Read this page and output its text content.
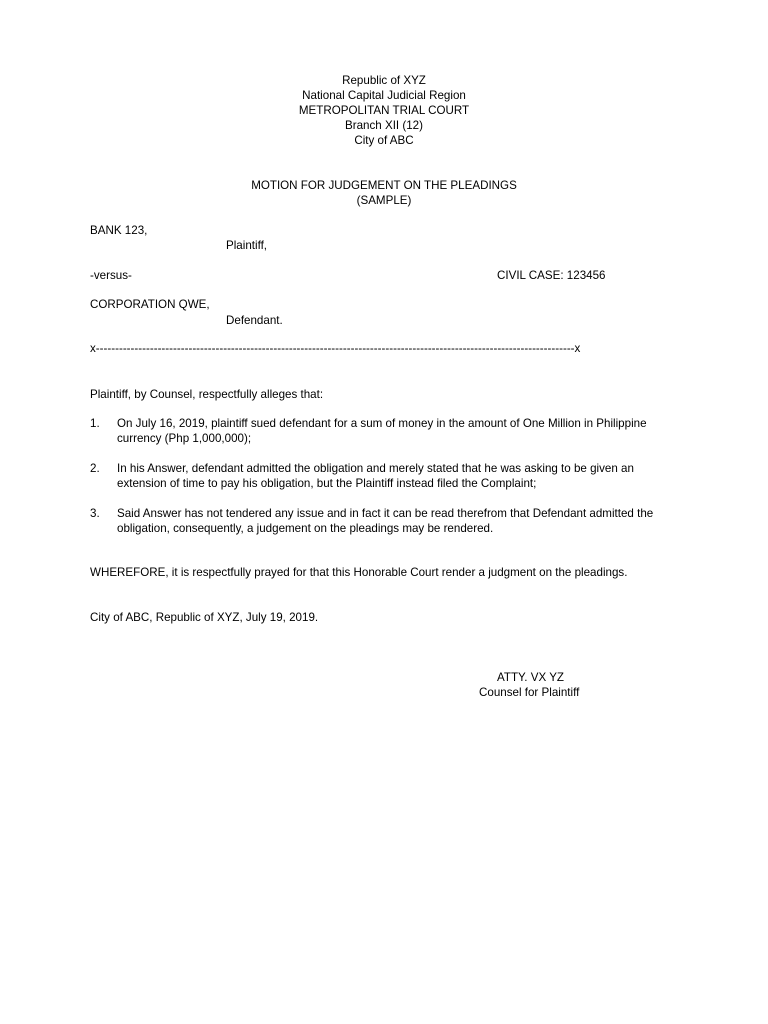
Republic of XYZ
National Capital Judicial Region
METROPOLITAN TRIAL COURT
Branch XII (12)
City of ABC
MOTION FOR JUDGEMENT ON THE PLEADINGS
(SAMPLE)
BANK 123,
Plaintiff,
-versus-	CIVIL CASE: 123456
CORPORATION QWE,
Defendant.
x----------------------------------------------------------------------------------------------------------------------------x
Plaintiff, by Counsel, respectfully alleges that:
1. On July 16, 2019, plaintiff sued defendant for a sum of money in the amount of One Million in Philippine currency (Php 1,000,000);
2. In his Answer, defendant admitted the obligation and merely stated that he was asking to be given an extension of time to pay his obligation, but the Plaintiff instead filed the Complaint;
3. Said Answer has not tendered any issue and in fact it can be read therefrom that Defendant admitted the obligation, consequently, a judgement on the pleadings may be rendered.
WHEREFORE, it is respectfully prayed for that this Honorable Court render a judgment on the pleadings.
City of ABC, Republic of XYZ, July 19, 2019.
ATTY. VX YZ
Counsel for Plaintiff
